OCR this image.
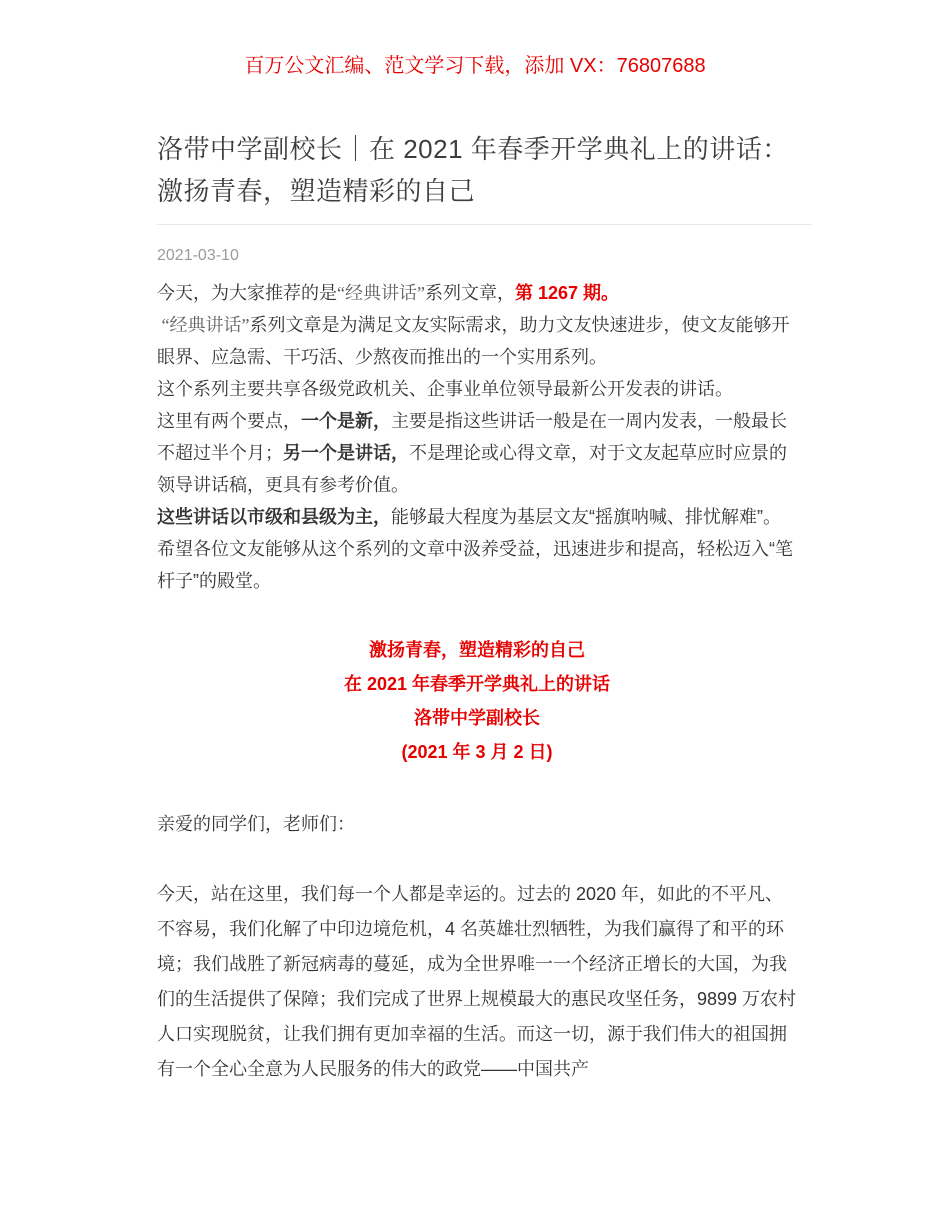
百万公文汇编、范文学习下载，添加 VX：76807688
洛带中学副校长｜在 2021 年春季开学典礼上的讲话：激扬青春，塑造精彩的自己
2021-03-10

今天，为大家推荐的是“经典讲话”系列文章，第 1267 期。

“经典讲话”系列文章是为满足文友实际需求，助力文友快速进步，使文友能够开眼界、应急需、干巧活、少熬夜而推出的一个实用系列。

这个系列主要共享各级党政机关、企事业单位领导最新公开发表的讲话。

这里有两个要点，一个是新，主要是指这些讲话一般是在一周内发表，一般最长不超过半个月；另一个是讲话，不是理论或心得文章，对于文友起草应时应景的领导讲话稿，更具有参考价值。

这些讲话以市级和县级为主，能够最大程度为基层文友“摇旗呐喊、排忧解难”。希望各位文友能够从这个系列的文章中汲养受益，迅速进步和提高，轻松迈入“笔杆子”的殿堂。

激扬青春，塑造精彩的自己
在 2021 年春季开学典礼上的讲话
洛带中学副校长
(2021 年 3 月 2 日)

亲爱的同学们，老师们：

今天，站在这里，我们每一个人都是幸运的。过去的 2020 年，如此的不平凡、不容易，我们化解了中印边境危机，4 名英雄壮烈牺牲，为我们赢得了和平的环境；我们战胜了新冠病毒的蔓延，成为全世界唯一一个经济正增长的大国，为我们的生活提供了保障；我们完成了世界上规模最大的惠民攻坚任务，9899 万农村人口实现脱贫，让我们拥有更加幸福的生活。而这一切，源于我们伟大的祖国拥有一个全心全意为人民服务的伟大的政党——中国共产
